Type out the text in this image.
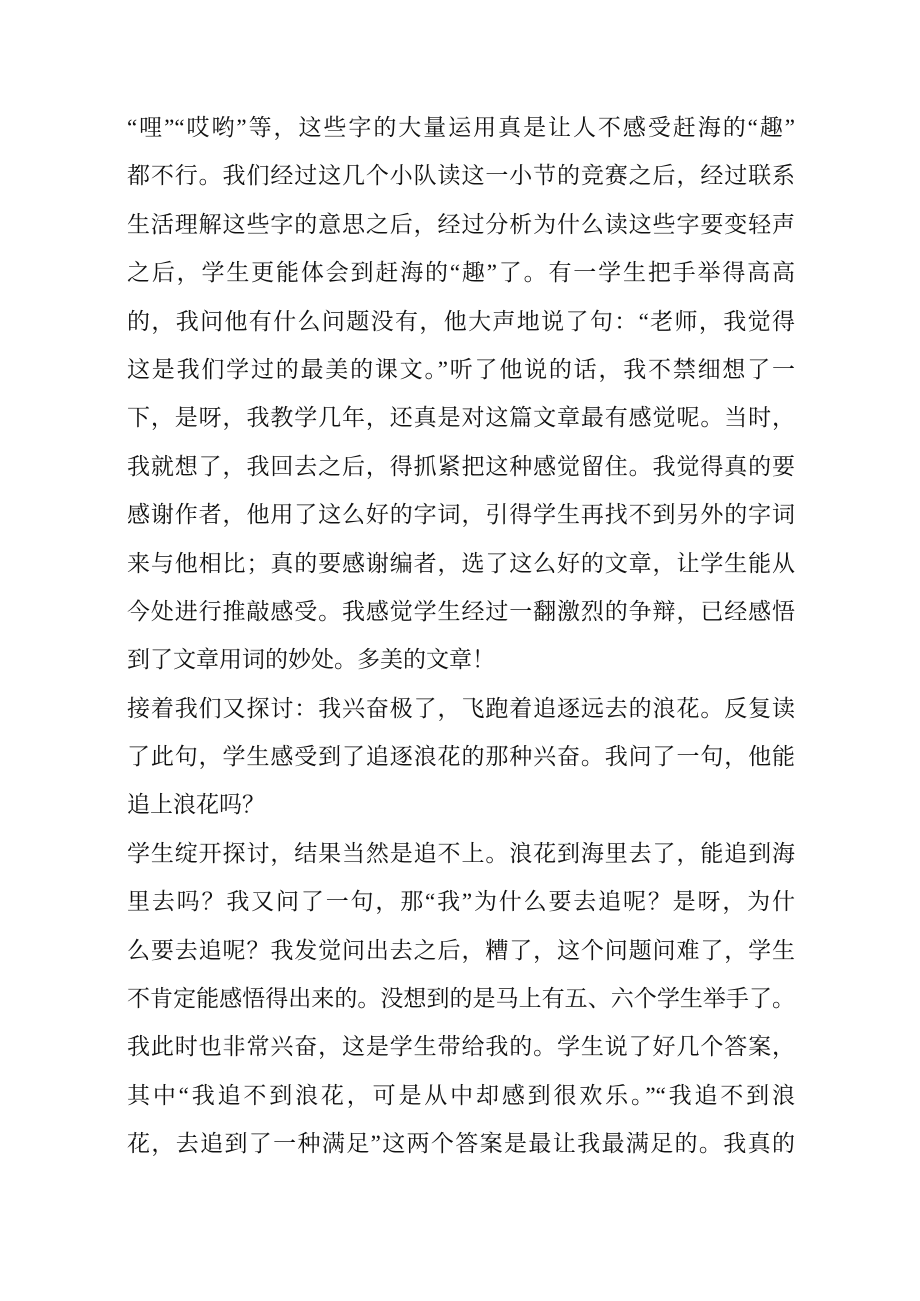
“哩”“哎哟”等，这些字的大量运用真是让人不感受赶海的“趣”
都不行。我们经过这几个小队读这一小节的竞赛之后，经过联系
生活理解这些字的意思之后，经过分析为什么读这些字要变轻声
之后，学生更能体会到赶海的“趣”了。有一学生把手举得高高
的，我问他有什么问题没有，他大声地说了句：“老师，我觉得
这是我们学过的最美的课文。”听了他说的话，我不禁细想了一
下，是呀，我教学几年，还真是对这篇文章最有感觉呢。当时，
我就想了，我回去之后，得抓紧把这种感觉留住。我觉得真的要
感谢作者，他用了这么好的字词，引得学生再找不到另外的字词
来与他相比；真的要感谢编者，选了这么好的文章，让学生能从
今处进行推敲感受。我感觉学生经过一翻激烈的争辩，已经感悟
到了文章用词的妙处。多美的文章！
接着我们又探讨：我兴奋极了，飞跑着追逐远去的浪花。反复读
了此句，学生感受到了追逐浪花的那种兴奋。我问了一句，他能
追上浪花吗？
学生绽开探讨，结果当然是追不上。浪花到海里去了，能追到海
里去吗？我又问了一句，那“我”为什么要去追呢？是呀，为什
么要去追呢？我发觉问出去之后，糟了，这个问题问难了，学生
不肯定能感悟得出来的。没想到的是马上有五、六个学生举手了。
我此时也非常兴奋，这是学生带给我的。学生说了好几个答案，
其中“我追不到浪花，可是从中却感到很欢乐。”“我追不到浪
花，去追到了一种满足”这两个答案是最让我最满足的。我真的
